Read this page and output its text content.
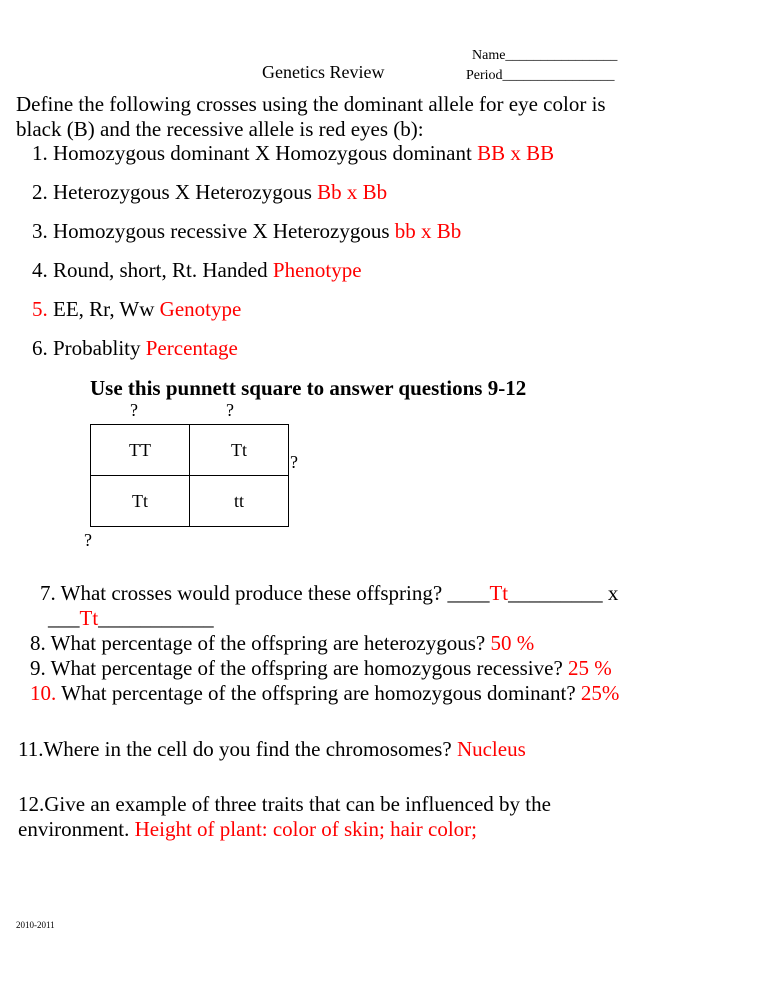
Name________________
Genetics Review	Period________________
Define the following crosses using the dominant allele for eye color is
black (B) and the recessive allele is red eyes (b):
1. Homozygous dominant X Homozygous dominant BB x BB
2. Heterozygous X Heterozygous Bb x Bb
3. Homozygous recessive X Heterozygous bb x Bb
4. Round, short, Rt. Handed Phenotype
5. EE, Rr, Ww Genotype
6. Probablity Percentage
Use this punnett square to answer questions 9-12
?	?
TT	Tt
Tt	tt
?
?
7. What crosses would produce these offspring? ____Tt_________ x
___Tt___________
8. What percentage of the offspring are heterozygous? 50 %
9. What percentage of the offspring are homozygous recessive? 25 %
10. What percentage of the offspring are homozygous dominant? 25%
11.Where in the cell do you find the chromosomes? Nucleus
12.Give an example of three traits that can be influenced by the
environment. Height of plant: color of skin; hair color;
2010-2011
